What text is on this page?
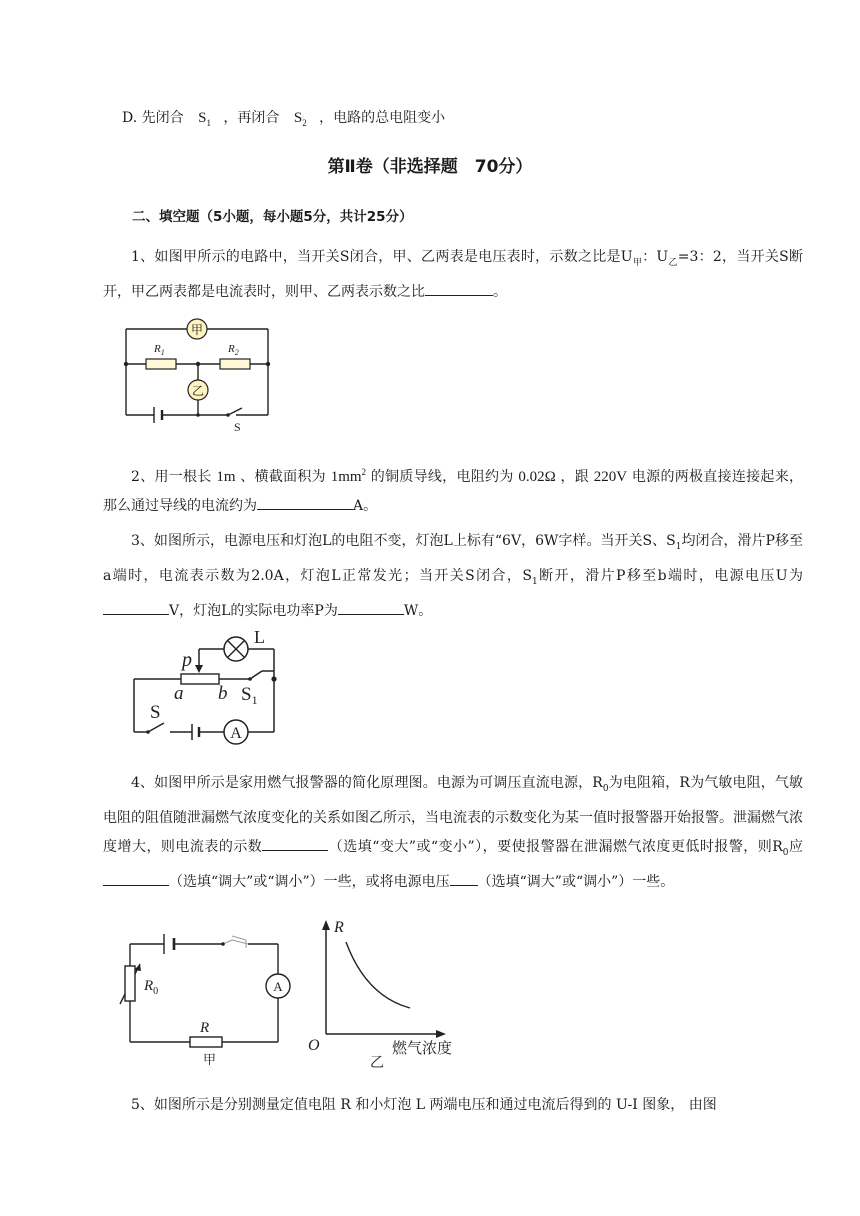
D. 先闭合 $S_1$ ，再闭合 $S_2$ ，电路的总电阻变小
第Ⅱ卷（非选择题　70分）
二、填空题（5小题，每小题5分，共计25分）
1、如图甲所示的电路中，当开关S闭合，甲、乙两表是电压表时，示数之比是$U_甲$：$U_乙=3$：2，当开关S断开，甲乙两表都是电流表时，则甲、乙两表示数之比	。
甲
乙
$R_1$	$R_2$
S
2、用一根长 1m 、横截面积为 $1mm^2$ 的铜质导线，电阻约为 0.02Ω ，跟 220V 电源的两极直接连接起来，那么通过导线的电流约为	A。
3、如图所示，电源电压和灯泡L的电阻不变，灯泡L上标有“6V，6W字样。当开关S、$S_1$均闭合，滑片P移至a端时，电流表示数为2.0A，灯泡L正常发光；当开关S闭合，$S_1$断开，滑片P移至b端时，电源电压U为V，灯泡L的实际电功率P为	W。
A
p
a b
L
$S_1$
S
4、如图甲所示是家用燃气报警器的简化原理图。电源为可调压直流电源，$R_0$为电阻箱，R为气敏电阻，气敏电阻的阻值随泄漏燃气浓度变化的关系如图乙所示，当电流表的示数变化为某一值时报警器开始报警。泄漏燃气浓度增大，则电流表的示数	（选填“变大”或“变小”），要使报警器在泄漏燃气浓度更低时报警，则$R_0$应（选填“调大”或“调小”）一些，或将电源电压 （选填“调大”或“调小”）一些。
A
$R_0$
R
甲
R
O	燃气浓度
乙
5、如图所示是分别测量定值电阻 R 和小灯泡 L 两端电压和通过电流后得到的 U-I 图象， 由图
